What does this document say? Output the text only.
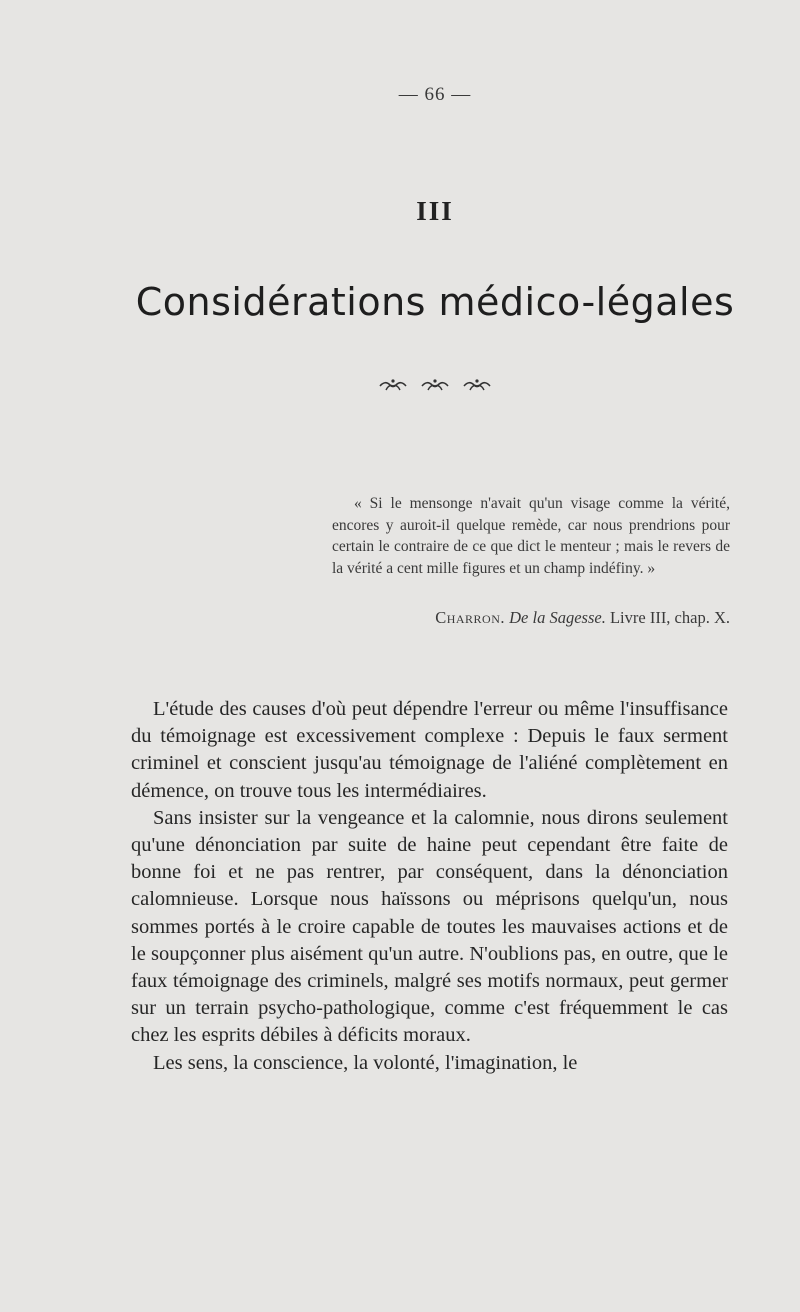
— 66 —
III
Considérations médico-légales

« Si le mensonge n'avait qu'un visage comme la vérité, encores y auroit-il quelque remède, car nous prendrions pour certain le contraire de ce que dict le menteur ; mais le revers de la vérité a cent mille figures et un champ indéfiny. »

Charron. De la Sagesse. Livre III, chap. X.

L'étude des causes d'où peut dépendre l'erreur ou même l'insuffisance du témoignage est excessivement complexe : Depuis le faux serment criminel et conscient jusqu'au témoignage de l'aliéné complètement en démence, on trouve tous les intermédiaires.

Sans insister sur la vengeance et la calomnie, nous dirons seulement qu'une dénonciation par suite de haine peut cependant être faite de bonne foi et ne pas rentrer, par conséquent, dans la dénonciation calomnieuse. Lorsque nous haïssons ou méprisons quelqu'un, nous sommes portés à le croire capable de toutes les mauvaises actions et de le soupçonner plus aisément qu'un autre. N'oublions pas, en outre, que le faux témoignage des criminels, malgré ses motifs normaux, peut germer sur un terrain psycho-pathologique, comme c'est fréquemment le cas chez les esprits débiles à déficits moraux.

Les sens, la conscience, la volonté, l'imagination, le
